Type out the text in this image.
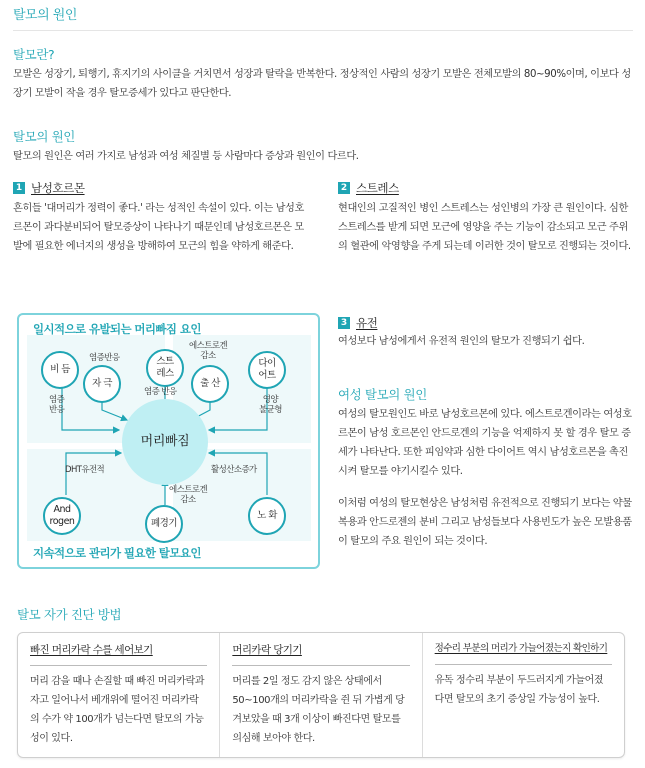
탈모의 원인
탈모란?
모발은 성장기, 퇴행기, 휴지기의 사이클을 거치면서 성장과 탈락을 반복한다. 정상적인 사람의 성장기 모발은 전체모발의 80~90%이며, 이보다 성장기 모발이 작을 경우 탈모증세가 있다고 판단한다.
탈모의 원인
탈모의 원인은 여러 가지로 남성과 여성 체질별 등 사람마다 증상과 원인이 다르다.
1 남성호르몬
흔히들 '대머리가 정력이 좋다.' 라는 성적인 속설이 있다. 이는 남성호르몬이 과다분비되어 탈모증상이 나타나기 때문인데 남성호르몬은 모발에 필요한 에너지의 생성을 방해하여 모근의 힘을 약하게 해준다.
2 스트레스
현대인의 고질적인 병인 스트레스는 성인병의 가장 큰 원인이다. 심한 스트레스를 받게 되면 모근에 영양을 주는 기능이 감소되고 모근 주위의 혈관에 악영향을 주게 되는데 이러한 것이 탈모로 진행되는 것이다.
3 유전
여성보다 남성에게서 유전적 원인의 탈모가 진행되기 쉽다.
여성 탈모의 원인
여성의 탈모원인도 바로 남성호르몬에 있다. 에스트로겐이라는 여성호르몬이 남성 호르몬인 안드로겐의 기능을 억제하지 못 할 경우 탈모 증세가 나타난다. 또한 피임약과 심한 다이어트 역시 남성호르몬을 촉진시켜 탈모를 야기시킬수 있다.
이처럼 여성의 탈모현상은 남성처럼 유전적으로 진행되기 보다는 약물복용과 안드로젠의 분비 그리고 남성들보다 사용빈도가 높은 모발용품이 탈모의 주요 원인이 되는 것이다.
일시적으로 유발되는 머리빠짐 요인
지속적으로 관리가 필요한 탈모요인
머리빠짐
비 듬
자 극
스트
레스
출 산
다이
어트
And
rogen	폐경기
노 화
염증반응
염증
반응
염증 반응
에스트로겐
감소
영양
불균형
DHT유전적
에스트로겐
감소
활성산소증가
탈모 자가 진단 방법
빠진 머리카락 수를 세어보기
머리 감을 때나 손질할 때 빠진 머리카락과 자고 일어나서 베개위에 떨어진 머리카락의 수가 약 100개가 넘는다면 탈모의 가능성이 있다.
머리카락 당기기
머리를 2일 정도 감지 않은 상태에서 50~100개의 머리카락을 쥔 뒤 가볍게 당겨보았을 때 3개 이상이 빠진다면 탈모를 의심해 보아야 한다.
정수리 부분의 머리가 가늘어졌는지 확인하기
유독 정수리 부분이 두드러지게 가늘어졌다면 탈모의 초기 증상일 가능성이 높다.
